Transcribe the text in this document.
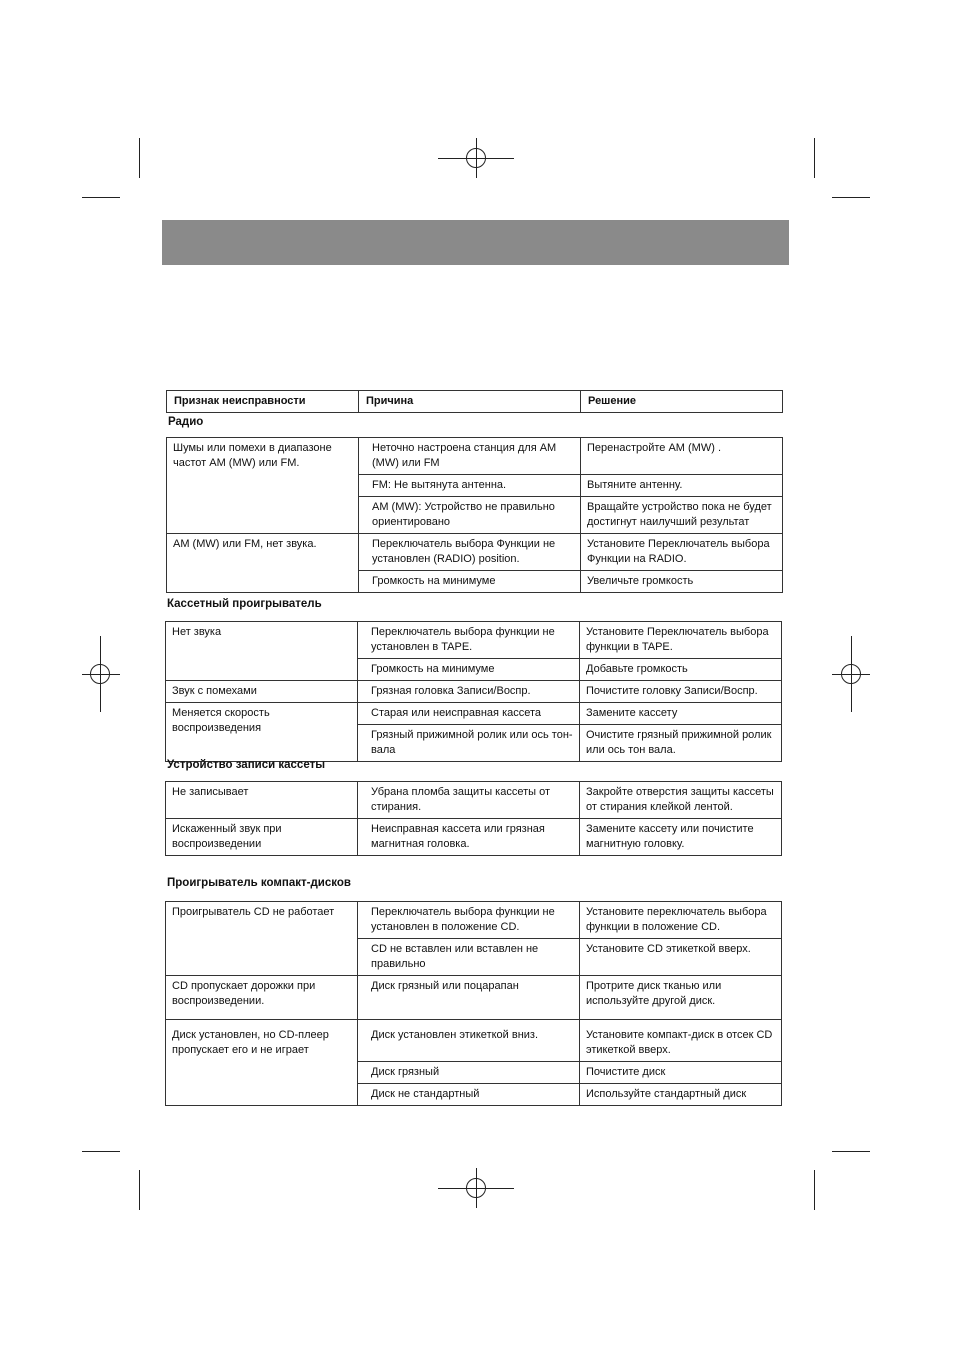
Признак неисправности	Причина	Решение
Радио
Шумы или помехи в диапазоне частот AM (MW) или FM.	Неточно настроена станция для AM (MW) или FM	Перенастройте AM (MW) .
	FM: Не вытянута антенна.	Вытяните антенну.
	AM (MW): Устройство не правильно ориентировано	Вращайте устройство пока не будет достигнут наилучший результат
AM (MW) или FM, нет звука.	Переключатель выбора Функции не установлен (RADIO) position.	Установите Переключатель выбора Функции на RADIO.
	Громкость на минимуме	Увеличьте громкость
Кассетный проигрыватель
Нет звука	Переключатель выбора функции не установлен в TAPE.	Установите Переключатель выбора функции в TAPE.
	Громкость на минимуме	Добавьте громкость
Звук с помехами	Грязная головка Записи/Воспр.	Почистите головку Записи/Воспр.
Меняется скорость воспроизведения	Старая или неисправная кассета	Замените кассету
	Грязный прижимной ролик или ось тон- вала	Очистите грязный прижимной ролик или ось тон вала.
Устройство записи кассеты
Не записывает	Убрана пломба защиты кассеты от стирания.	Закройте отверстия защиты кассеты от стирания клейкой лентой.
Искаженный звук при воспроизведении	Неисправная кассета или грязная магнитная головка.	Замените кассету или почистите магнитную головку.
Проигрыватель компакт-дисков
Проигрыватель CD не работает	Переключатель выбора функции не установлен в положение CD.	Установите переключатель выбора функции в положение CD.
	CD не вставлен или вставлен не правильно	Установите CD этикеткой вверх.
CD пропускает дорожки при воспроизведении.	Диск грязный или поцарапан	Протрите диск тканью или используйте другой диск.
Диск установлен, но CD-плеер пропускает его и не играет	Диск установлен этикеткой вниз.	Установите компакт-диск в отсек CD этикеткой вверх.
	Диск грязный	Почистите диск
	Диск не стандартный	Используйте стандартный диск
